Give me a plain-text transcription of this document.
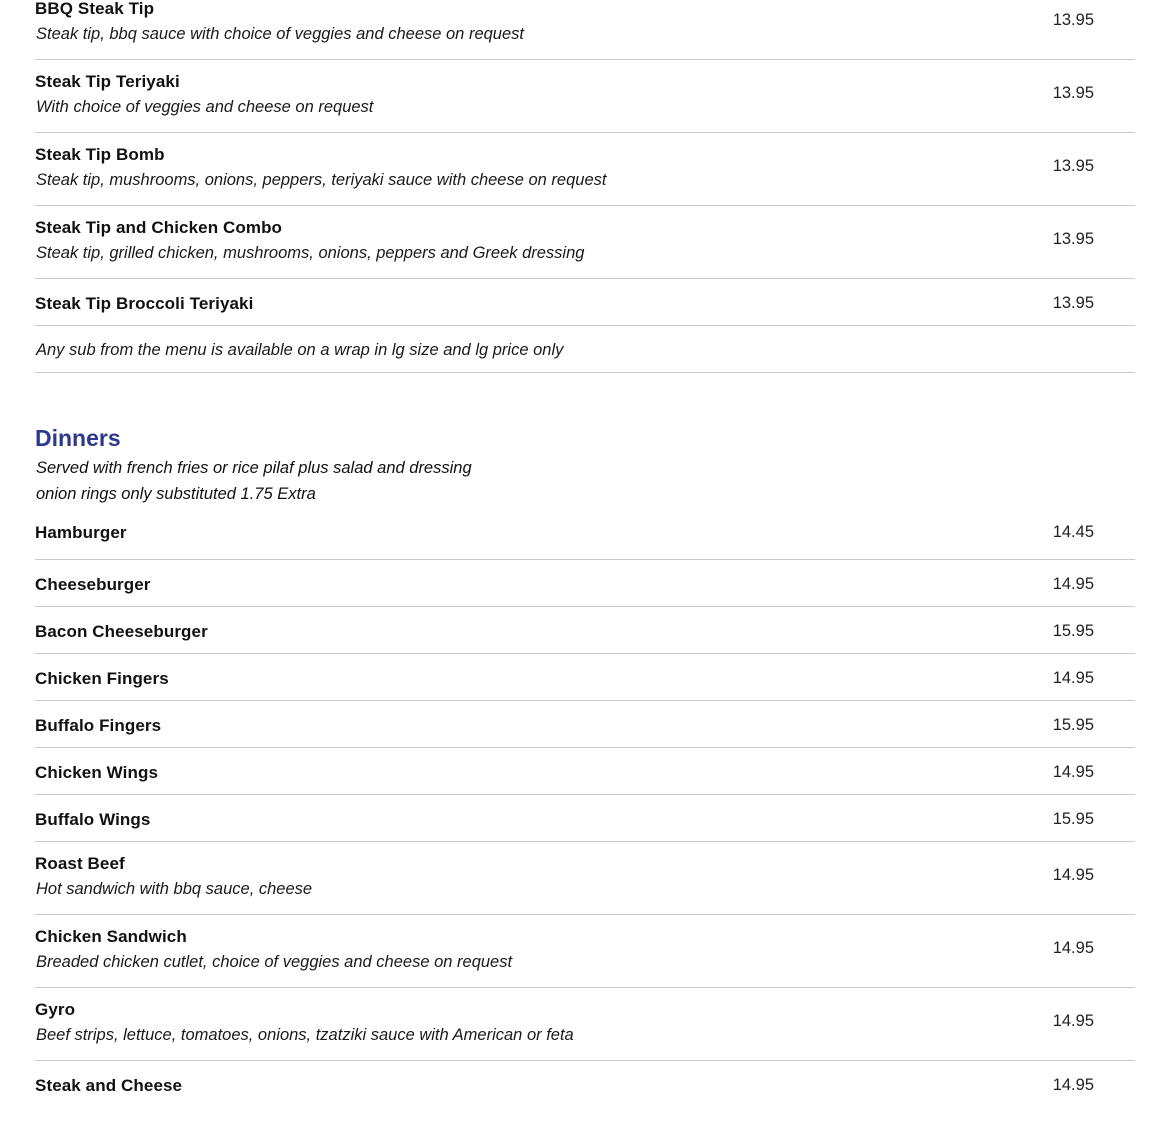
BBQ Steak Tip
Steak tip, bbq sauce with choice of veggies and cheese on request
13.95
Steak Tip Teriyaki
With choice of veggies and cheese on request
13.95
Steak Tip Bomb
Steak tip, mushrooms, onions, peppers, teriyaki sauce with cheese on request
13.95
Steak Tip and Chicken Combo
Steak tip, grilled chicken, mushrooms, onions, peppers and Greek dressing
13.95
Steak Tip Broccoli Teriyaki	13.95
Any sub from the menu is available on a wrap in lg size and lg price only
Dinners
Served with french fries or rice pilaf plus salad and dressing
onion rings only substituted 1.75 Extra
Hamburger	14.45
Cheeseburger	14.95
Bacon Cheeseburger	15.95
Chicken Fingers	14.95
Buffalo Fingers	15.95
Chicken Wings	14.95
Buffalo Wings	15.95
Roast Beef
Hot sandwich with bbq sauce, cheese
14.95
Chicken Sandwich
Breaded chicken cutlet, choice of veggies and cheese on request
14.95
Gyro
Beef strips, lettuce, tomatoes, onions, tzatziki sauce with American or feta
14.95
Steak and Cheese	14.95
